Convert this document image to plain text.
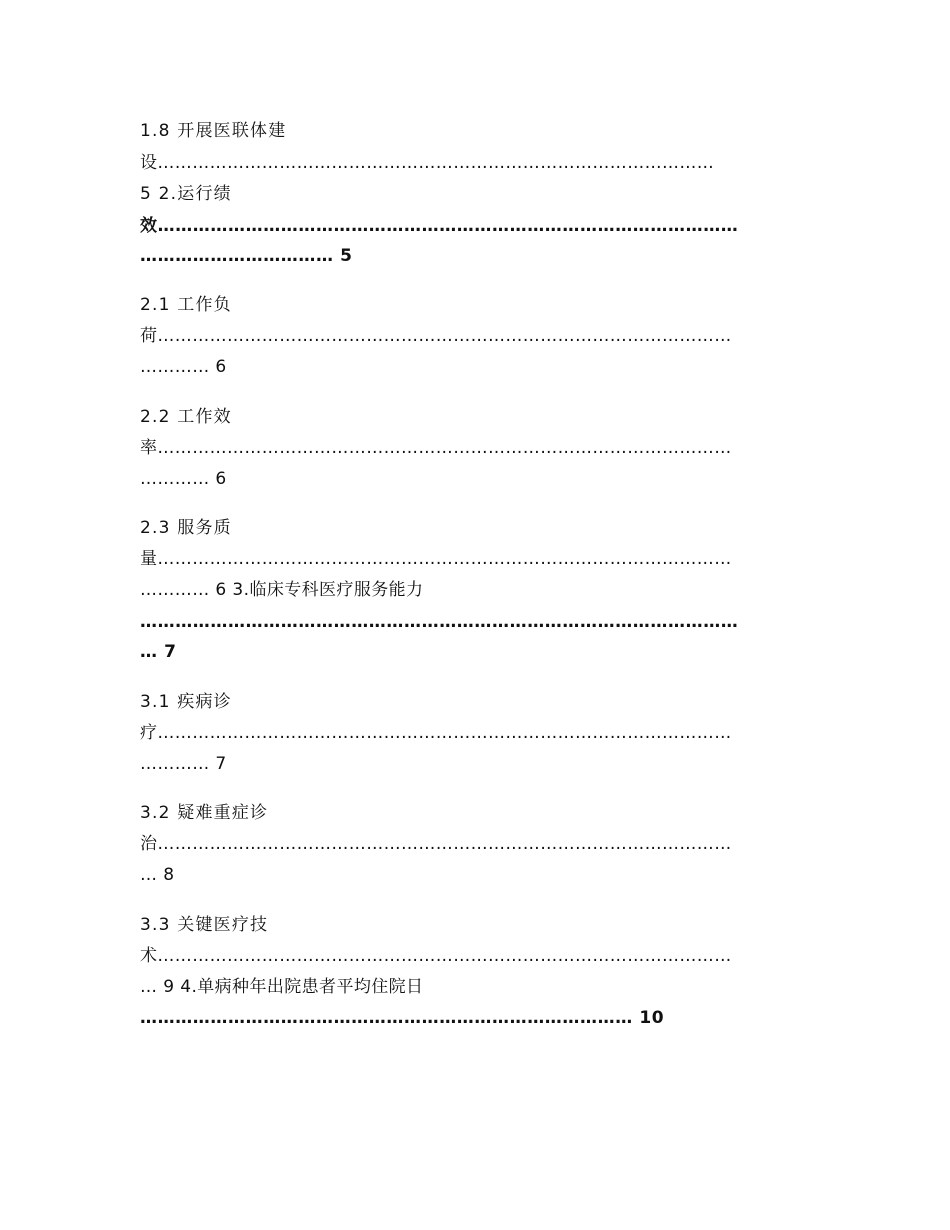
1.8 开展医联体建
设……………………………………………………………………………………
5 2.运行绩
效………………………………………………………………………………………
…………………………… 5
2.1 工作负
荷………………………………………………………………………………………
………… 6
2.2 工作效
率………………………………………………………………………………………
………… 6
2.3 服务质
量………………………………………………………………………………………
………… 6 3.临床专科医疗服务能力
…………………………………………………………………………………………
… 7
3.1 疾病诊
疗………………………………………………………………………………………
………… 7
3.2 疑难重症诊
治………………………………………………………………………………………
… 8
3.3 关键医疗技
术………………………………………………………………………………………
… 9 4.单病种年出院患者平均住院日
………………………………………………………………………… 10
